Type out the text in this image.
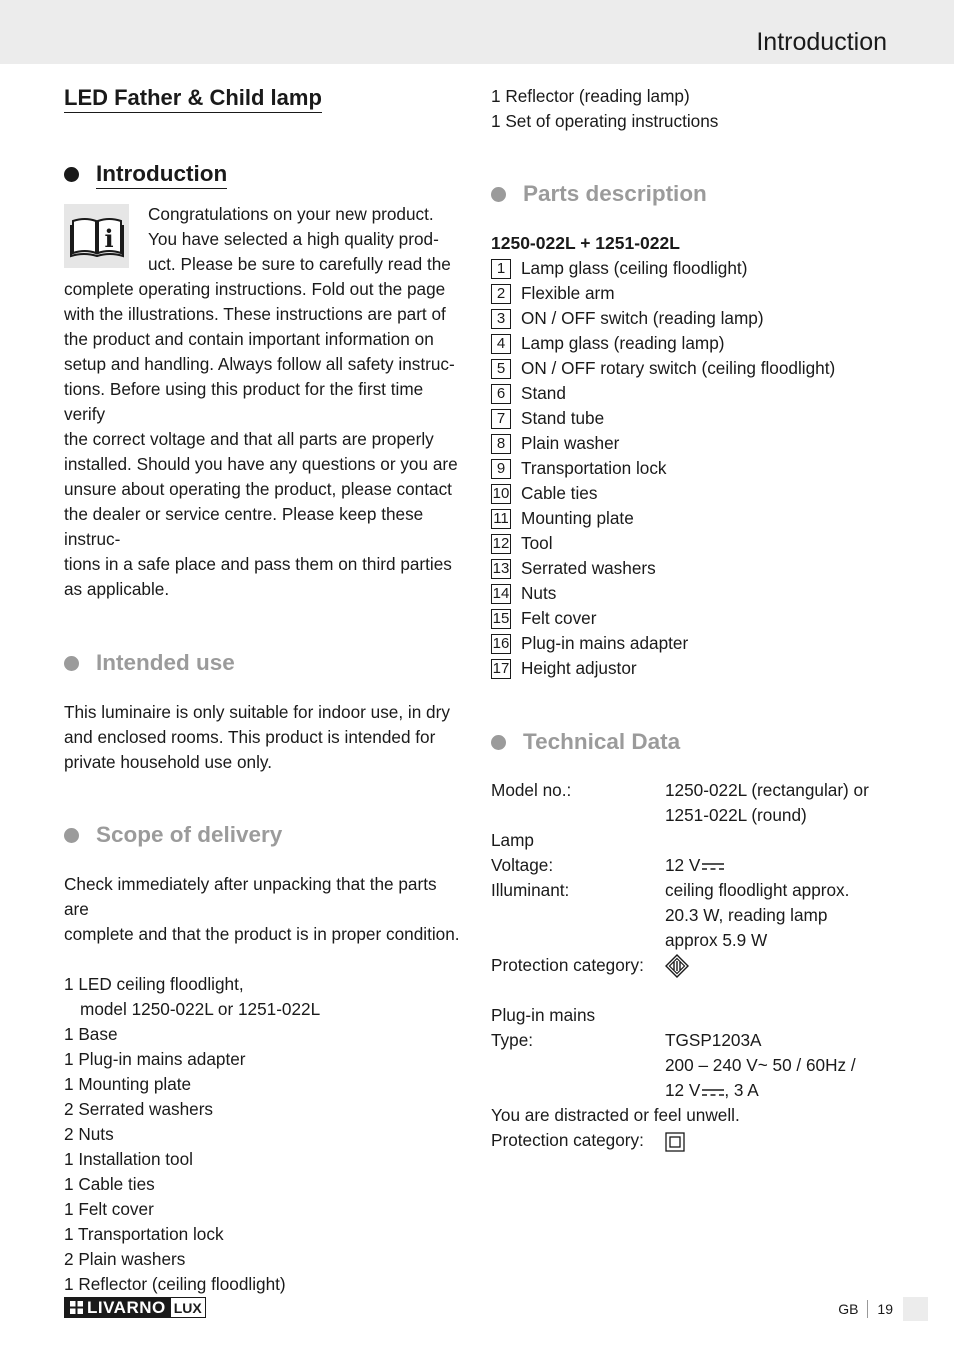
Introduction
LED Father & Child lamp
Introduction
i
Congratulations on your new product.
You have selected a high quality prod-
uct. Please be sure to carefully read the
complete operating instructions. Fold out the page
with the illustrations. These instructions are part of
the product and contain important information on
setup and handling. Always follow all safety instruc-
tions. Before using this product for the first time verify
the correct voltage and that all parts are properly
installed. Should you have any questions or you are
unsure about operating the product, please contact
the dealer or service centre. Please keep these instruc-
tions in a safe place and pass them on third parties
as applicable.
Intended use
This luminaire is only suitable for indoor use, in dry
and enclosed rooms. This product is intended for
private household use only.
Scope of delivery
Check immediately after unpacking that the parts are
complete and that the product is in proper condition.
1 LED ceiling floodlight,
model 1250-022L or 1251-022L
1 Base
1 Plug-in mains adapter
1 Mounting plate
2 Serrated washers
2 Nuts
1 Installation tool
1 Cable ties
1 Felt cover
1 Transportation lock
2 Plain washers
1 Reflector (ceiling floodlight)
1 Reflector (reading lamp)
1 Set of operating instructions
Parts description
1250-022L + 1251-022L
1 Lamp glass (ceiling floodlight)
2 Flexible arm
3 ON / OFF switch (reading lamp)
4 Lamp glass (reading lamp)
5 ON / OFF rotary switch (ceiling floodlight)
6 Stand
7 Stand tube
8 Plain washer
9 Transportation lock
10 Cable ties
11 Mounting plate
12 Tool
13 Serrated washers
14 Nuts
15 Felt cover
16 Plug-in mains adapter
17 Height adjustor
Technical Data
Model no.:	1250-022L (rectangular) or
1251-022L (round)
Lamp
Voltage:	12 V
Illuminant:	ceiling floodlight approx.
20.3 W, reading lamp
approx 5.9 W
Protection category:
Plug-in mains
Type:	TGSP1203A
200 – 240 V~ 50 / 60Hz /
12 V , 3 A
You are distracted or feel unwell.
Protection category:
LIVARNO LUX	GB 19
